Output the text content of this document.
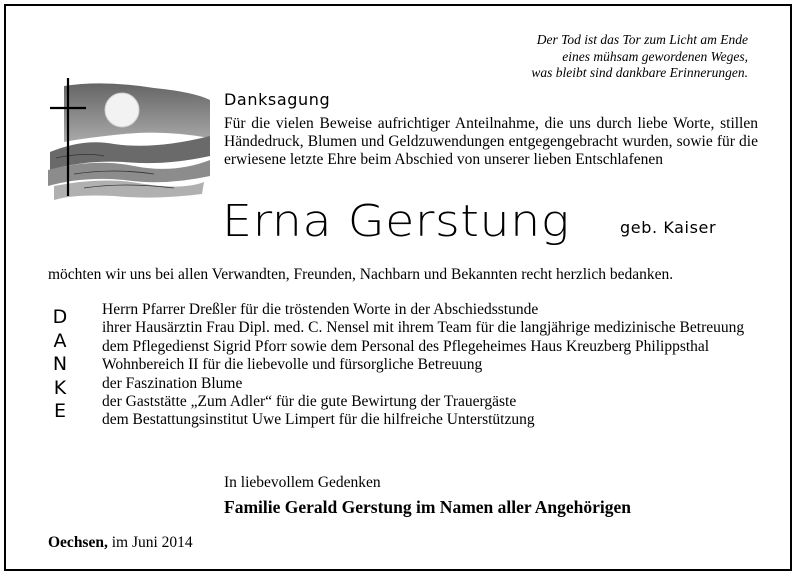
Der Tod ist das Tor zum Licht am Ende
eines mühsam gewordenen Weges,
was bleibt sind dankbare Erinnerungen.
Danksagung
Für die vielen Beweise aufrichtiger Anteilnahme, die uns durch liebe Worte, stillen Händedruck, Blumen und Geldzuwendungen entgegengebracht wurden, sowie für die erwiesene letzte Ehre beim Abschied von unserer lieben Entschlafenen
Erna Gerstung	geb. Kaiser
möchten wir uns bei allen Verwandten, Freunden, Nachbarn und Bekannten recht herzlich bedanken.
D
A
N
K
E
Herrn Pfarrer Dreßler für die tröstenden Worte in der Abschiedsstunde
ihrer Hausärztin Frau Dipl. med. C. Nensel mit ihrem Team für die langjährige medizinische Betreuung
dem Pflegedienst Sigrid Pforr sowie dem Personal des Pflegeheimes Haus Kreuzberg Philippsthal Wohnbereich II für die liebevolle und fürsorgliche Betreuung
der Faszination Blume
der Gaststätte „Zum Adler“ für die gute Bewirtung der Trauergäste
dem Bestattungsinstitut Uwe Limpert für die hilfreiche Unterstützung
In liebevollem Gedenken
Familie Gerald Gerstung im Namen aller Angehörigen
Oechsen, im Juni 2014
